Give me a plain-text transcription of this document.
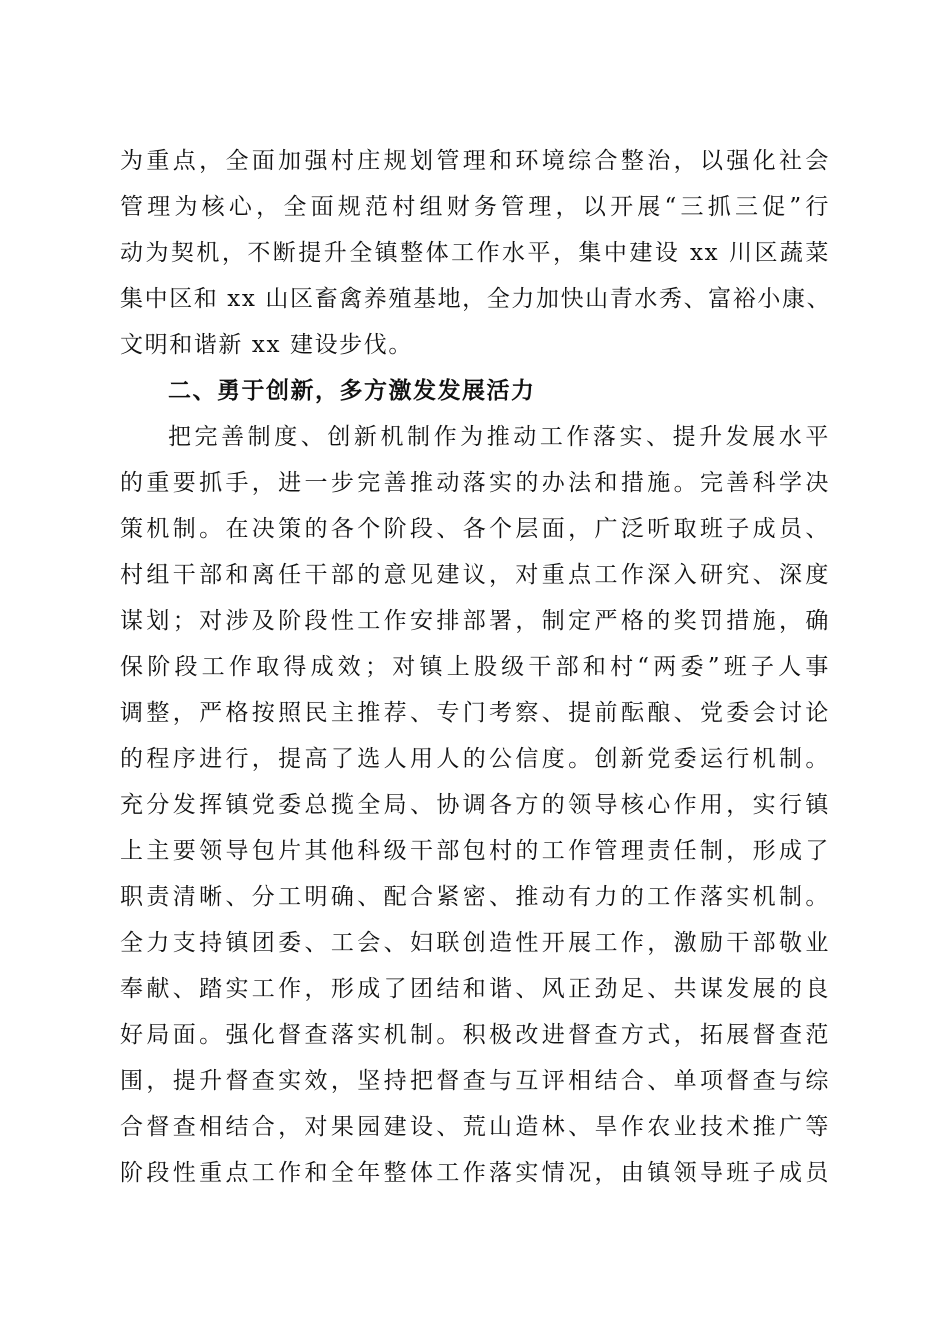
为重点，全面加强村庄规划管理和环境综合整治，以强化社会
管理为核心，全面规范村组财务管理，以开展“三抓三促”行
动为契机，不断提升全镇整体工作水平，集中建设 xx 川区蔬菜
集中区和 xx 山区畜禽养殖基地，全力加快山青水秀、富裕小康、
文明和谐新 xx 建设步伐。
二、勇于创新，多方激发发展活力
把完善制度、创新机制作为推动工作落实、提升发展水平
的重要抓手，进一步完善推动落实的办法和措施。完善科学决
策机制。在决策的各个阶段、各个层面，广泛听取班子成员、
村组干部和离任干部的意见建议，对重点工作深入研究、深度
谋划；对涉及阶段性工作安排部署，制定严格的奖罚措施，确
保阶段工作取得成效；对镇上股级干部和村“两委”班子人事
调整，严格按照民主推荐、专门考察、提前酝酿、党委会讨论
的程序进行，提高了选人用人的公信度。创新党委运行机制。
充分发挥镇党委总揽全局、协调各方的领导核心作用，实行镇
上主要领导包片其他科级干部包村的工作管理责任制，形成了
职责清晰、分工明确、配合紧密、推动有力的工作落实机制。
全力支持镇团委、工会、妇联创造性开展工作，激励干部敬业
奉献、踏实工作，形成了团结和谐、风正劲足、共谋发展的良
好局面。强化督查落实机制。积极改进督查方式，拓展督查范
围，提升督查实效，坚持把督查与互评相结合、单项督查与综
合督查相结合，对果园建设、荒山造林、旱作农业技术推广等
阶段性重点工作和全年整体工作落实情况，由镇领导班子成员
